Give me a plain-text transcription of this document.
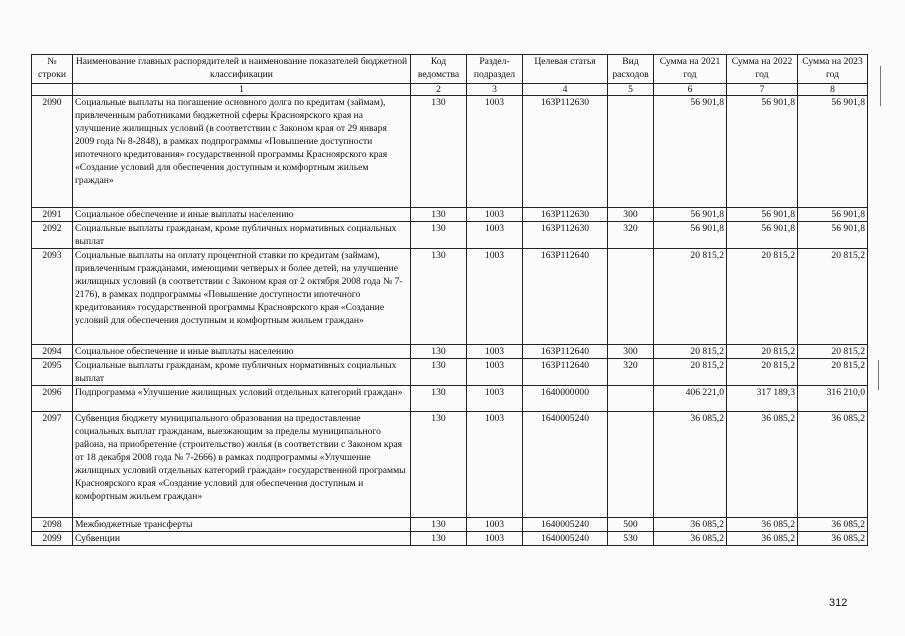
№ строки	Наименование главных распорядителей и наименование показателей бюджетной классификации	Код ведомства	Раздел-подраздел	Целевая статья	Вид расходов	Сумма на 2021 год	Сумма на 2022 год	Сумма на 2023 год
	1	2	3	4	5	6	7	8
2090	Социальные выплаты на погашение основного долга по кредитам (займам), привлеченным работниками бюджетной сферы Красноярского края на улучшение жилищных условий (в соответствии с Законом края от 29 января 2009 года № 8-2848), в рамках подпрограммы «Повышение доступности ипотечного кредитования» государственной программы Красноярского края «Создание условий для обеспечения доступным и комфортным жильем граждан»	130	1003	163Р112630		56 901,8	56 901,8	56 901,8
2091	Социальное обеспечение и иные выплаты населению	130	1003	163Р112630	300	56 901,8	56 901,8	56 901,8
2092	Социальные выплаты гражданам, кроме публичных нормативных социальных выплат	130	1003	163Р112630	320	56 901,8	56 901,8	56 901,8
2093	Социальные выплаты на оплату процентной ставки по кредитам (займам), привлеченным гражданами, имеющими четверых и более детей, на улучшение жилищных условий (в соответствии с Законом края от 2 октября 2008 года № 7-2176), в рамках подпрограммы «Повышение доступности ипотечного кредитования» государственной программы Красноярского края «Создание условий для обеспечения доступным и комфортным жильем граждан»	130	1003	163Р112640		20 815,2	20 815,2	20 815,2
2094	Социальное обеспечение и иные выплаты населению	130	1003	163Р112640	300	20 815,2	20 815,2	20 815,2
2095	Социальные выплаты гражданам, кроме публичных нормативных социальных выплат	130	1003	163Р112640	320	20 815,2	20 815,2	20 815,2
2096	Подпрограмма «Улучшение жилищных условий отдельных категорий граждан»	130	1003	1640000000		406 221,0	317 189,3	316 210,0
2097	Субвенция бюджету муниципального образования на предоставление социальных выплат гражданам, выезжающим за пределы муниципального района, на приобретение (строительство) жилья (в соответствии с Законом края от 18 декабря 2008 года № 7-2666) в рамках подпрограммы «Улучшение жилищных условий отдельных категорий граждан» государственной программы Красноярского края «Создание условий для обеспечения доступным и комфортным жильем граждан»	130	1003	1640005240		36 085,2	36 085,2	36 085,2
2098	Межбюджетные трансферты	130	1003	1640005240	500	36 085,2	36 085,2	36 085,2
2099	Субвенции	130	1003	1640005240	530	36 085,2	36 085,2	36 085,2
312
